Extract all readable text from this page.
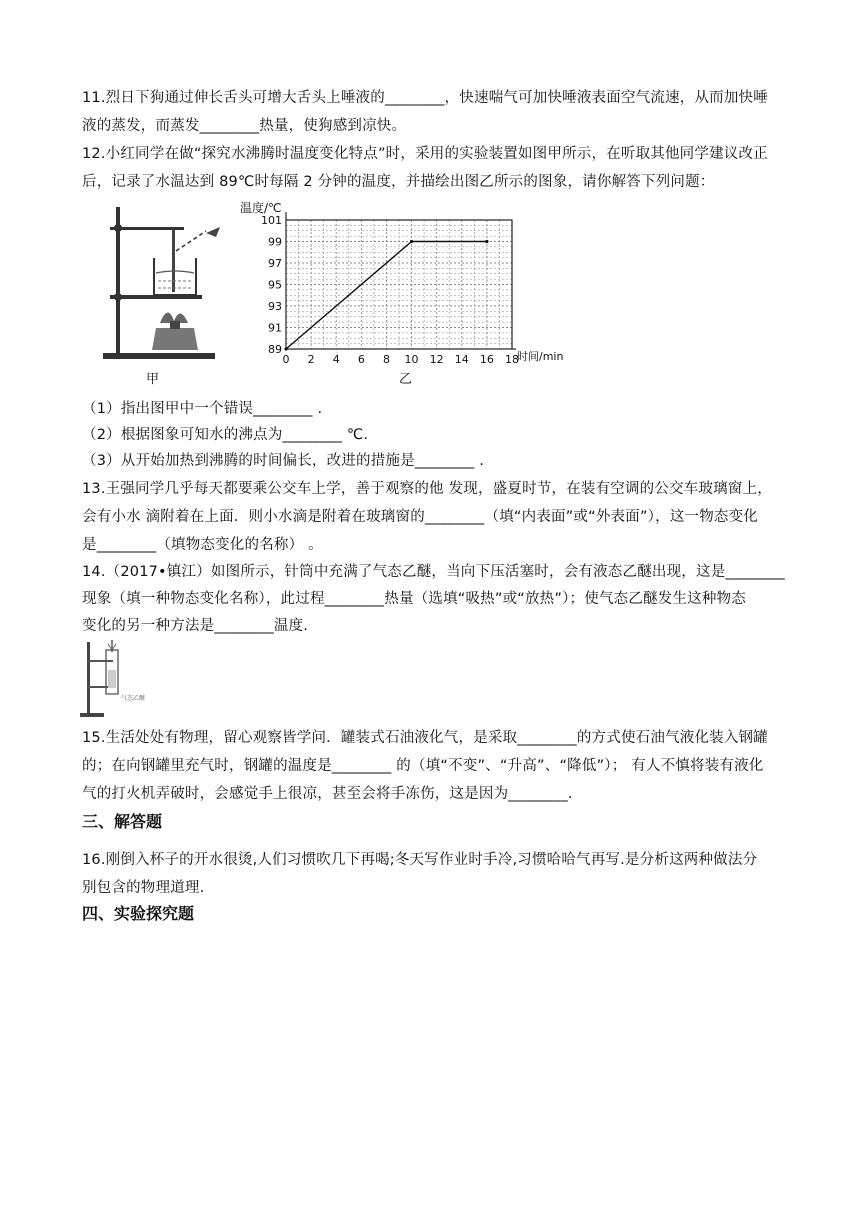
11.烈日下狗通过伸长舌头可增大舌头上唾液的________，快速喘气可加快唾液表面空气流速，从而加快唾
液的蒸发，而蒸发________热量，使狗感到凉快。
12.小红同学在做“探究水沸腾时温度变化特点”时，采用的实验装置如图甲所示，在听取其他同学建议改正
后，记录了水温达到 89℃时每隔 2 分钟的温度，并描绘出图乙所示的图象，请你解答下列问题：
甲
温度/℃
时间/min
乙
0 2 4 6 8 10 12 14 16 18
89
91
93
95
97
99
101
（1）指出图甲中一个错误________ .
（2）根据图象可知水的沸点为________ ℃.
（3）从开始加热到沸腾的时间偏长，改进的措施是________ .
13.王强同学几乎每天都要乘公交车上学，善于观察的他 发现，盛夏时节，在装有空调的公交车玻璃窗上，
会有小水 滴附着在上面．则小水滴是附着在玻璃窗的________（填“内表面”或“外表面”），这一物态变化
是________（填物态变化的名称） 。
14.（2017•镇江）如图所示，针筒中充满了气态乙醚，当向下压活塞时，会有液态乙醚出现，这是________
现象（填一种物态变化名称），此过程________热量（选填“吸热”或“放热”）；使气态乙醚发生这种物态
变化的另一种方法是________温度.
气态乙醚
15.生活处处有物理，留心观察皆学问．罐装式石油液化气，是采取________的方式使石油气液化装入钢罐
的；在向钢罐里充气时，钢罐的温度是________ 的（填“不变”、“升高”、“降低”）； 有人不慎将装有液化
气的打火机弄破时，会感觉手上很凉，甚至会将手冻伤，这是因为________.
三、解答题
16.刚倒入杯子的开水很烫,人们习惯吹几下再喝;冬天写作业时手冷,习惯哈哈气再写.是分析这两种做法分
别包含的物理道理.
四、实验探究题
